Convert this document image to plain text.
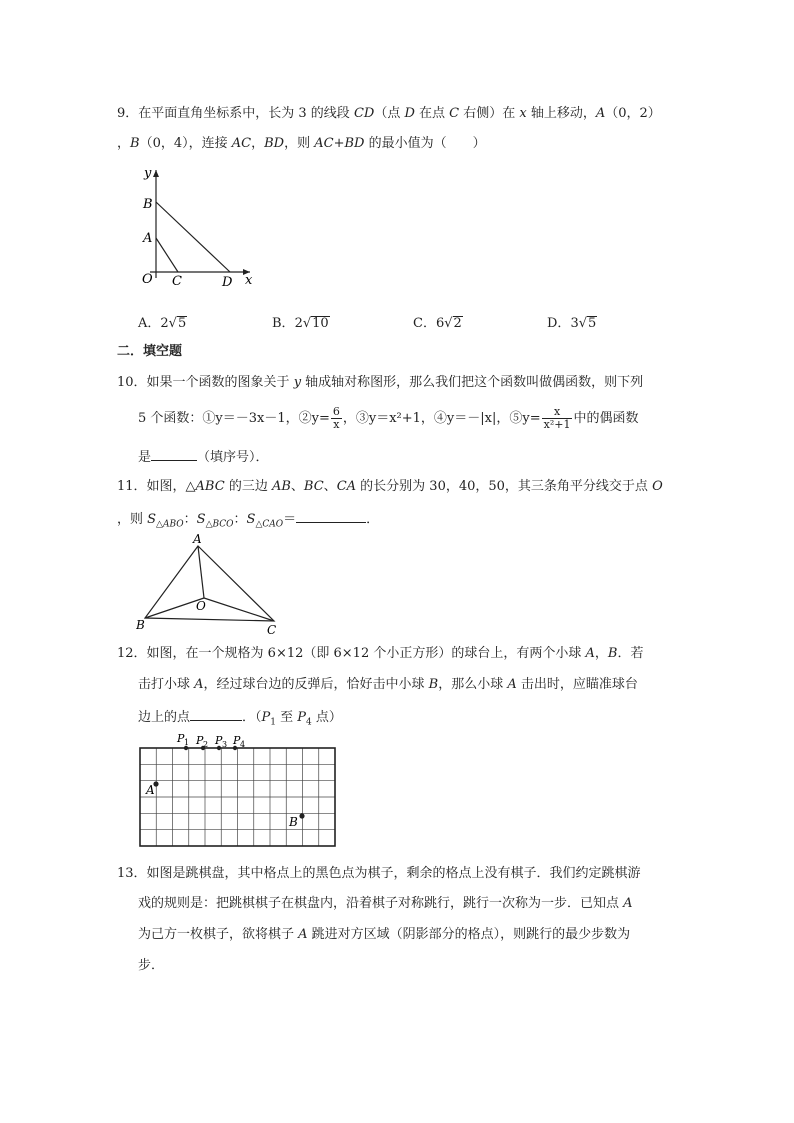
9．在平面直角坐标系中，长为 3 的线段 CD（点 D 在点 C 右侧）在 x 轴上移动，A（0，2）
，B（0，4），连接 AC，BD，则 AC+BD 的最小值为（　　）
y
B
A
O C	D x
A．2√5	B．2√10	C．6√2	D．3√5
二．填空题
10．如果一个函数的图象关于 y 轴成轴对称图形，那么我们把这个函数叫做偶函数，则下列
5 个函数：①y＝－3x－1，②y= $\frac{6}{x}$ ，③y＝x²+1，④y＝－|x|，⑤y= $\frac{x}{\text{x²+1}}$ 中的偶函数
是	（填序号）．
11．如图，△ABC 的三边 AB、BC、CA 的长分别为 30，40，50，其三条角平分线交于点 O
，则 $S_{\triangle ABO}$：$S_{\triangle BCO}$：$S_{\triangle CAO}=$	．
A
B	C
O
12．如图，在一个规格为 6×12（即 6×12 个小正方形）的球台上，有两个小球 A，B．若
击打小球 A，经过球台边的反弹后，恰好击中小球 B，那么小球 A 击出时，应瞄准球台
边上的点	．（$P_1$ 至 $P_4$ 点）
P 1 P 2 P 3 P 4
A
B
13．如图是跳棋盘，其中格点上的黑色点为棋子，剩余的格点上没有棋子．我们约定跳棋游
戏的规则是：把跳棋棋子在棋盘内，沿着棋子对称跳行，跳行一次称为一步．已知点 A
为己方一枚棋子，欲将棋子 A 跳进对方区域（阴影部分的格点），则跳行的最少步数为
步．
